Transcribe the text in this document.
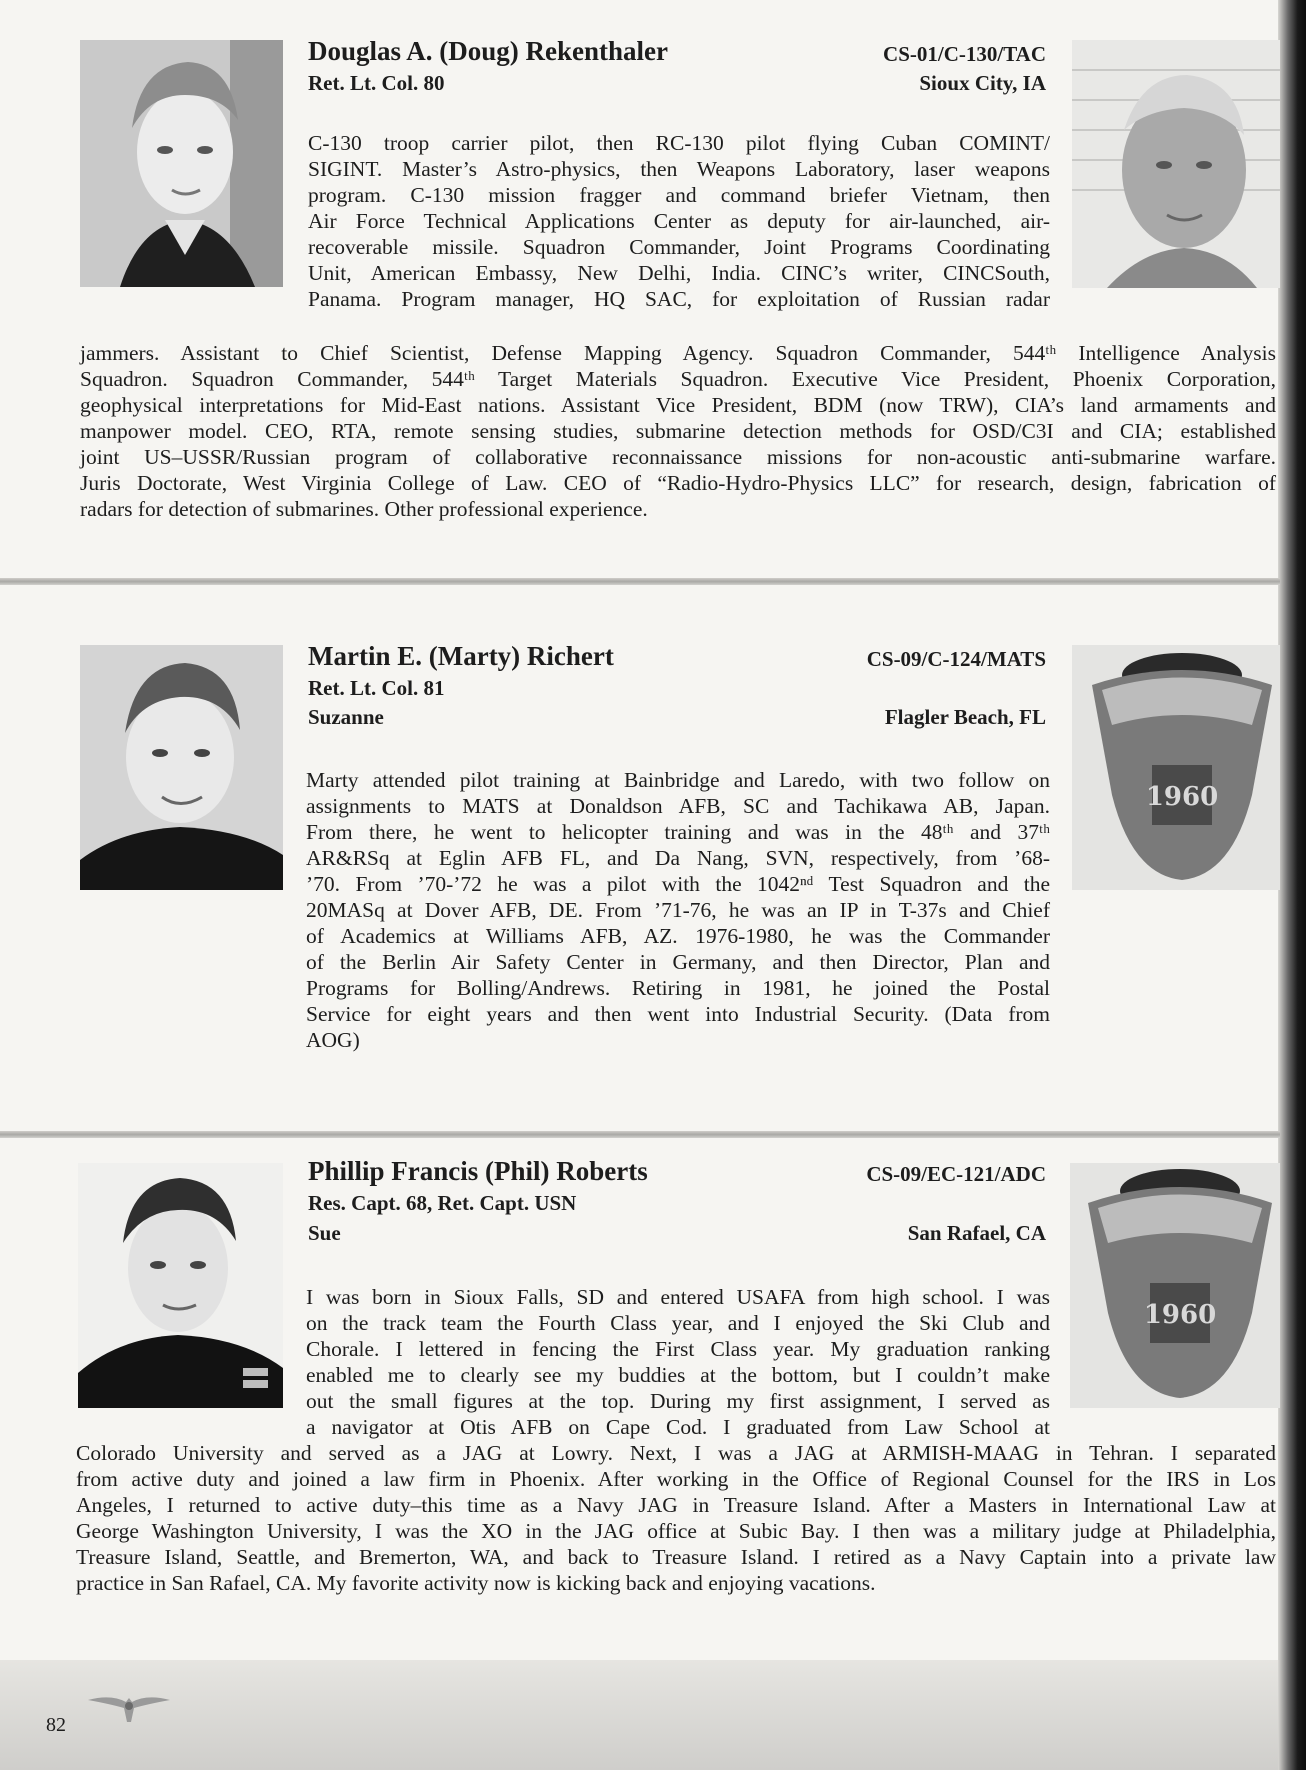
Douglas A. (Doug) Rekenthaler
Ret. Lt. Col. 80
CS-01/C-130/TAC
Sioux City, IA

C-130 troop carrier pilot, then RC-130 pilot flying Cuban COMINT/

SIGINT. Master’s Astro-physics, then Weapons Laboratory, laser weapons

program. C-130 mission fragger and command briefer Vietnam, then

Air Force Technical Applications Center as deputy for air-launched, air-

recoverable missile. Squadron Commander, Joint Programs Coordinating

Unit, American Embassy, New Delhi, India. CINC’s writer, CINCSouth,

Panama. Program manager, HQ SAC, for exploitation of Russian radar

jammers. Assistant to Chief Scientist, Defense Mapping Agency. Squadron Commander, 544ᵗʰ Intelligence Analysis

Squadron. Squadron Commander, 544ᵗʰ Target Materials Squadron. Executive Vice President, Phoenix Corporation,

geophysical interpretations for Mid-East nations. Assistant Vice President, BDM (now TRW), CIA’s land armaments and

manpower model. CEO, RTA, remote sensing studies, submarine detection methods for OSD/C3I and CIA; established

joint US–USSR/Russian program of collaborative reconnaissance missions for non-acoustic anti-submarine warfare.

Juris Doctorate, West Virginia College of Law. CEO of “Radio-Hydro-Physics LLC” for research, design, fabrication of

radars for detection of submarines. Other professional experience.

Martin E. (Marty) Richert
Ret. Lt. Col. 81
Suzanne
CS-09/C-124/MATS
Flagler Beach, FL
1960

Marty attended pilot training at Bainbridge and Laredo, with two follow on

assignments to MATS at Donaldson AFB, SC and Tachikawa AB, Japan.

From there, he went to helicopter training and was in the 48ᵗʰ and 37ᵗʰ

AR&RSq at Eglin AFB FL, and Da Nang, SVN, respectively, from ’68-

’70. From ’70-’72 he was a pilot with the 1042ⁿᵈ Test Squadron and the

20MASq at Dover AFB, DE. From ’71-76, he was an IP in T-37s and Chief

of Academics at Williams AFB, AZ. 1976-1980, he was the Commander

of the Berlin Air Safety Center in Germany, and then Director, Plan and

Programs for Bolling/Andrews. Retiring in 1981, he joined the Postal

Service for eight years and then went into Industrial Security. (Data from

AOG)

Phillip Francis (Phil) Roberts
Res. Capt. 68, Ret. Capt. USN
Sue
CS-09/EC-121/ADC
San Rafael, CA
1960

I was born in Sioux Falls, SD and entered USAFA from high school. I was

on the track team the Fourth Class year, and I enjoyed the Ski Club and

Chorale. I lettered in fencing the First Class year. My graduation ranking

enabled me to clearly see my buddies at the bottom, but I couldn’t make

out the small figures at the top. During my first assignment, I served as

a navigator at Otis AFB on Cape Cod. I graduated from Law School at

Colorado University and served as a JAG at Lowry. Next, I was a JAG at ARMISH-MAAG in Tehran. I separated

from active duty and joined a law firm in Phoenix. After working in the Office of Regional Counsel for the IRS in Los

Angeles, I returned to active duty–this time as a Navy JAG in Treasure Island. After a Masters in International Law at

George Washington University, I was the XO in the JAG office at Subic Bay. I then was a military judge at Philadelphia,

Treasure Island, Seattle, and Bremerton, WA, and back to Treasure Island. I retired as a Navy Captain into a private law

practice in San Rafael, CA. My favorite activity now is kicking back and enjoying vacations.

82
